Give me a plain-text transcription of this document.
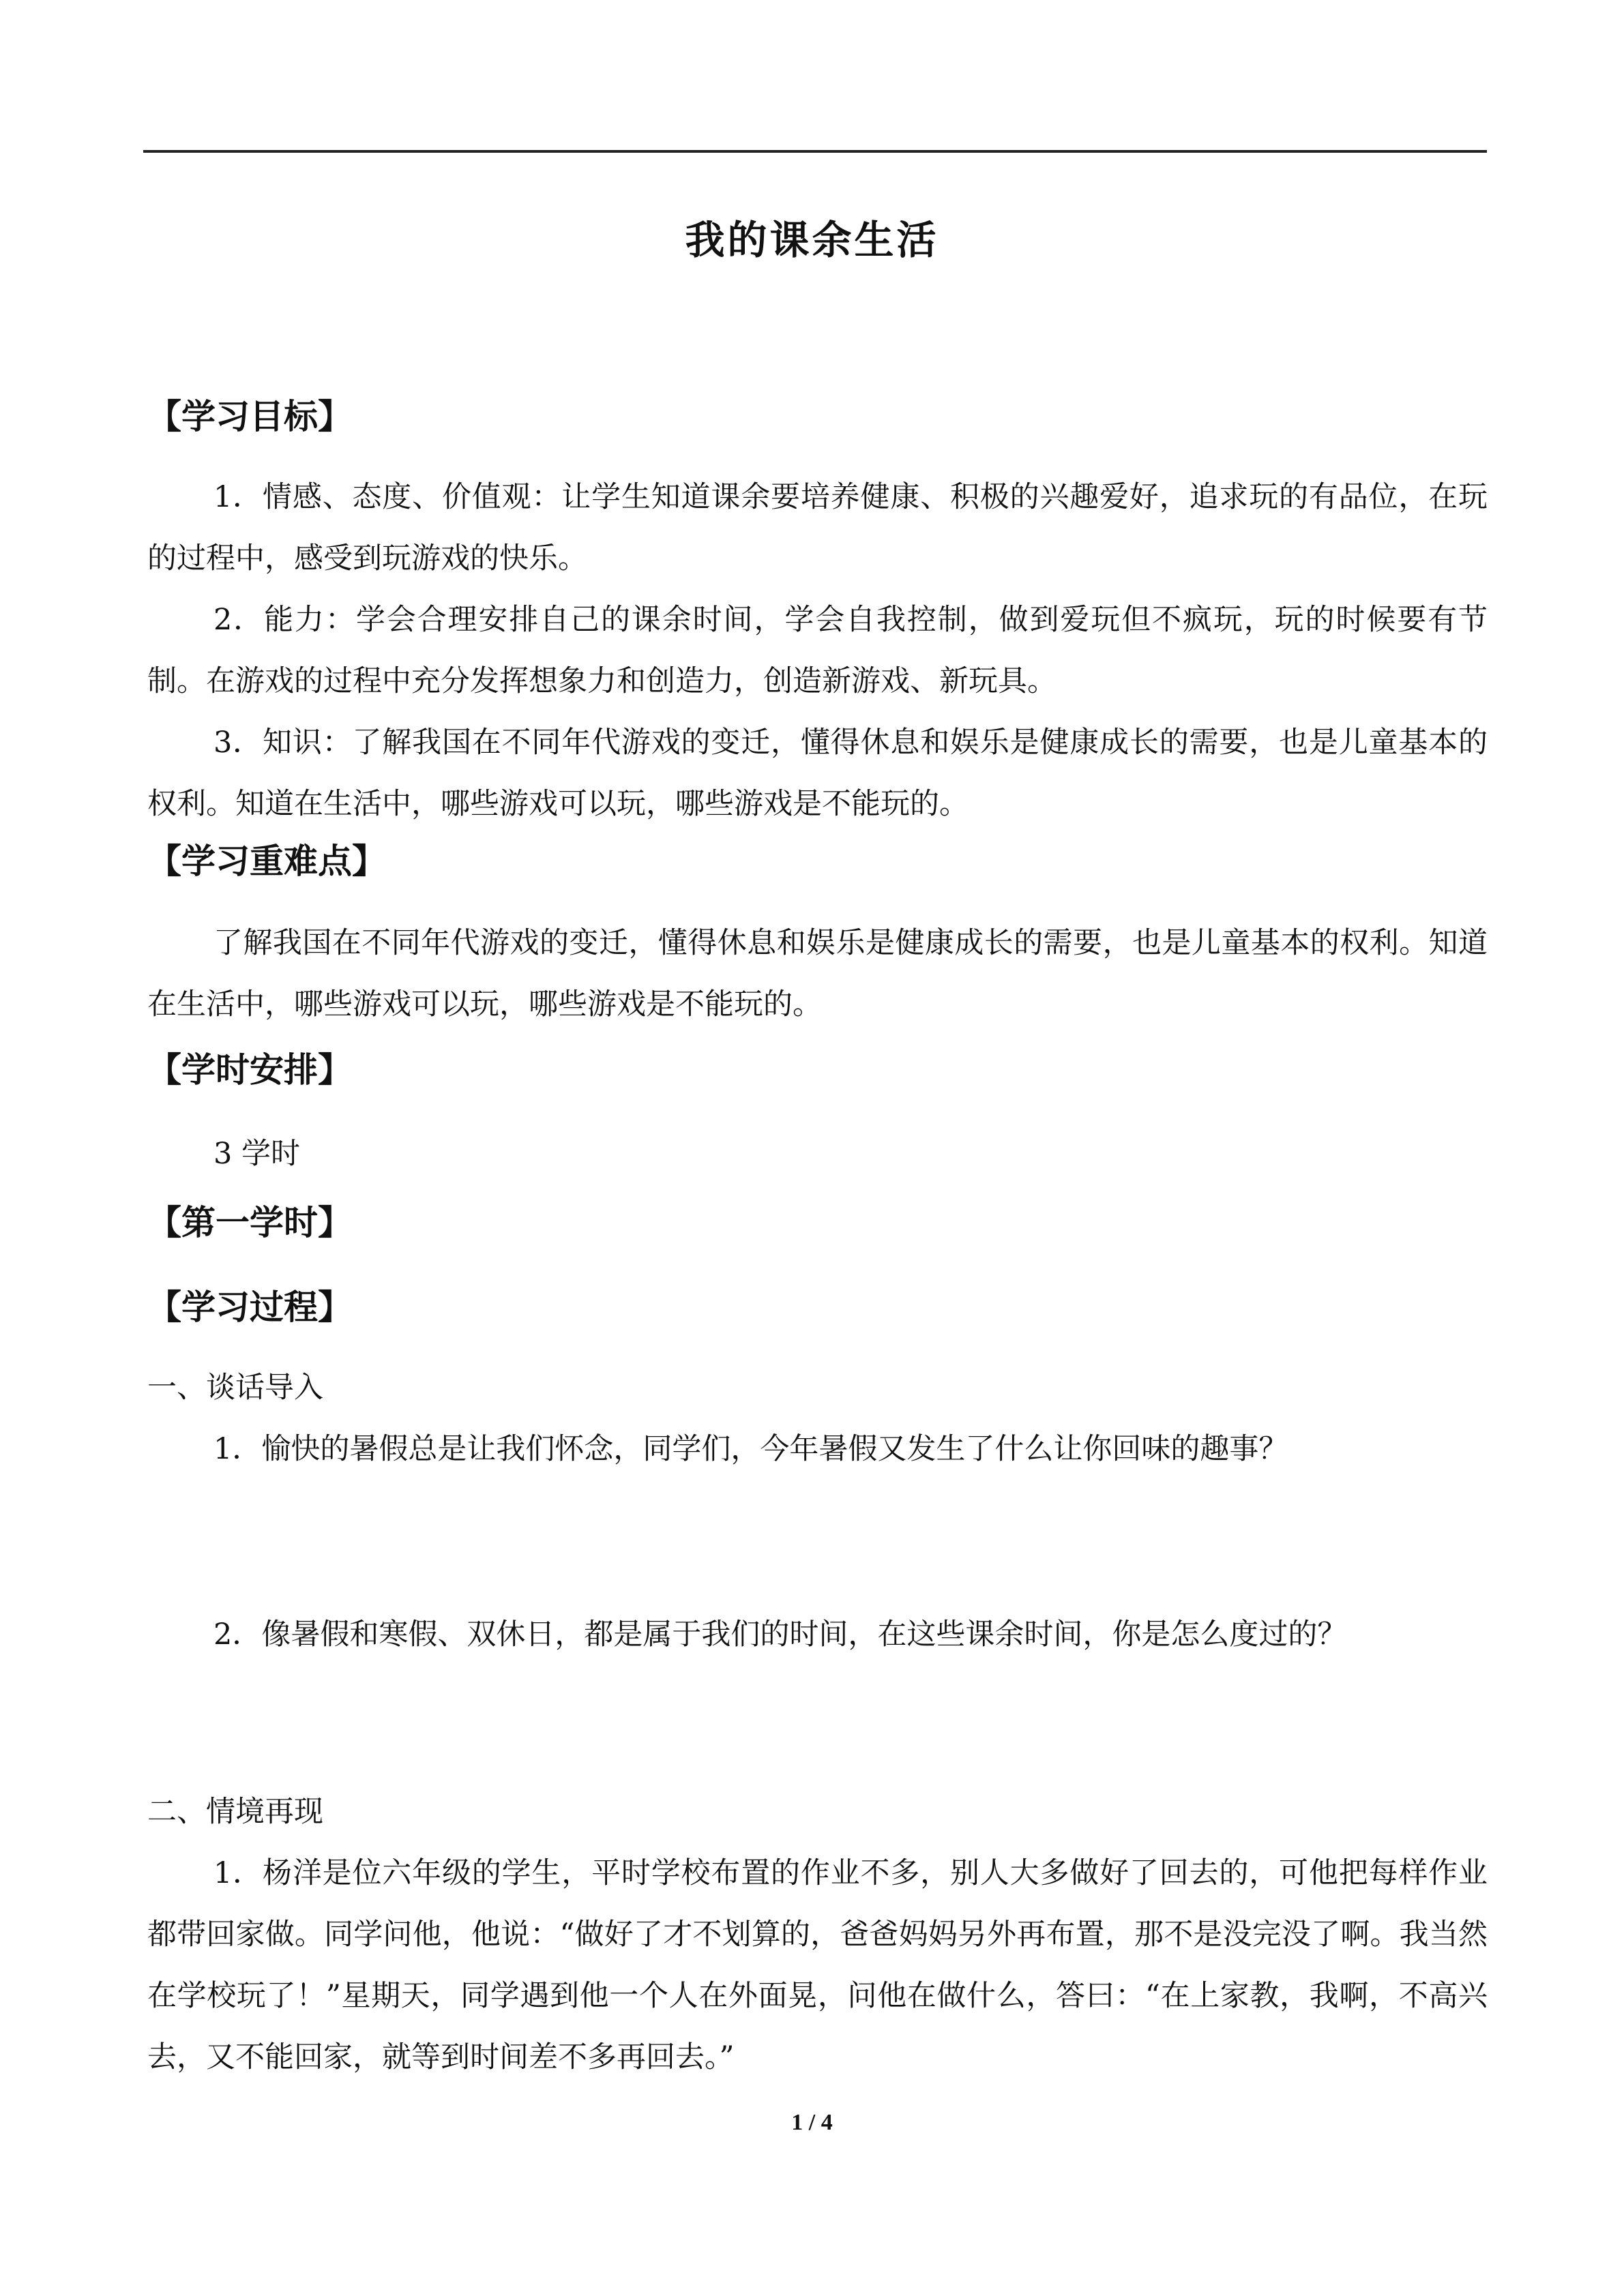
我的课余生活
【学习目标】
1．情感、态度、价值观：让学生知道课余要培养健康、积极的兴趣爱好，追求玩的有品位，在玩的过程中，感受到玩游戏的快乐。
2．能力：学会合理安排自己的课余时间，学会自我控制，做到爱玩但不疯玩，玩的时候要有节制。在游戏的过程中充分发挥想象力和创造力，创造新游戏、新玩具。
3．知识：了解我国在不同年代游戏的变迁，懂得休息和娱乐是健康成长的需要，也是儿童基本的权利。知道在生活中，哪些游戏可以玩，哪些游戏是不能玩的。
【学习重难点】
了解我国在不同年代游戏的变迁，懂得休息和娱乐是健康成长的需要，也是儿童基本的权利。知道在生活中，哪些游戏可以玩，哪些游戏是不能玩的。
【学时安排】
3 学时
【第一学时】
【学习过程】
一、谈话导入
1．愉快的暑假总是让我们怀念，同学们，今年暑假又发生了什么让你回味的趣事？
2．像暑假和寒假、双休日，都是属于我们的时间，在这些课余时间，你是怎么度过的？
二、情境再现
1．杨洋是位六年级的学生，平时学校布置的作业不多，别人大多做好了回去的，可他把每样作业都带回家做。同学问他，他说：“做好了才不划算的，爸爸妈妈另外再布置，那不是没完没了啊。我当然在学校玩了！”星期天，同学遇到他一个人在外面晃，问他在做什么，答曰：“在上家教，我啊，不高兴去，又不能回家，就等到时间差不多再回去。”
1 / 4
